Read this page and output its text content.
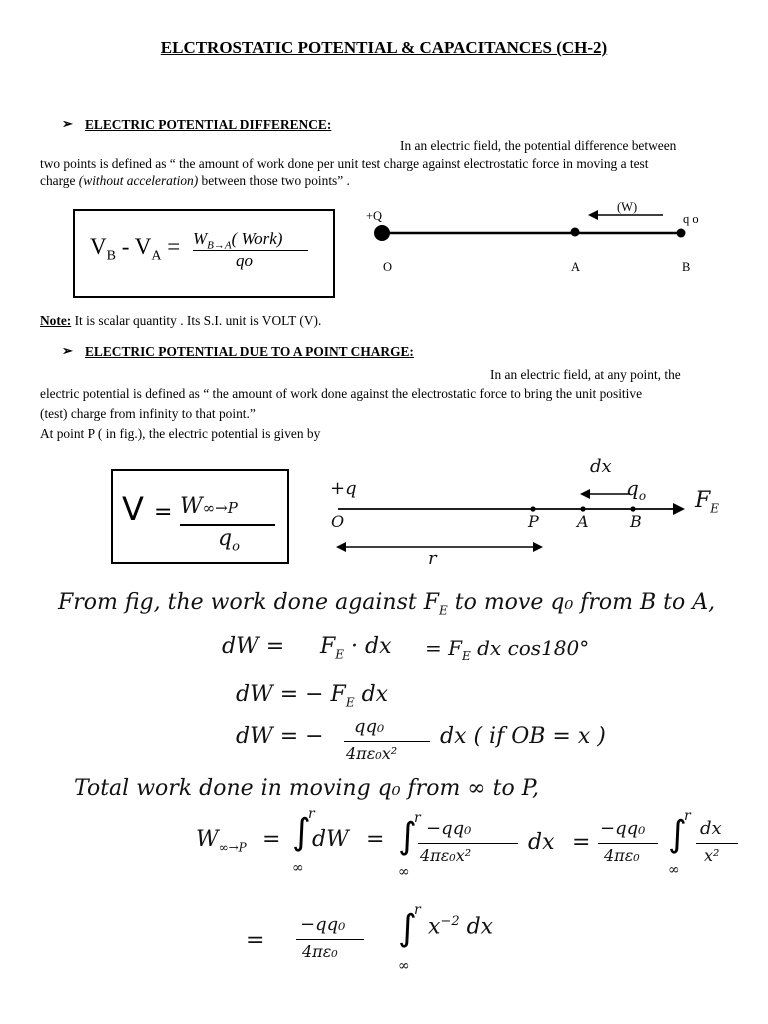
ELCTROSTATIC POTENTIAL & CAPACITANCES (CH-2)
➢ ELECTRIC POTENTIAL DIFFERENCE:
In an electric field, the potential difference between
two points is defined as “ the amount of work done per unit test charge against electrostatic force in moving a test
charge (without acceleration) between those two points” .
$V_B - V_A = W_{B\to A}$( Work)
qo
+Q
(W)
q o
O	A	B
Note: It is scalar quantity . Its S.I. unit is VOLT (V).
➢ ELECTRIC POTENTIAL DUE TO A POINT CHARGE:
In an electric field, at any point, the
electric potential is defined as “ the amount of work done against the electrostatic force to bring the unit positive
(test) charge from infinity to that point.”
At point P ( in fig.), the electric potential is given by
V = W∞→P
$q_o$
+q
dx
$q_o$ $F_E$
O	P A	B
r
From fig, the work done against $F_E$ to move q₀ from B to A,
dW = $F_E$ · dx = $F_E$ dx cos180°
dW = − $F_E$ dx
dW = − qq₀
4πε₀x²
dx ( if OB = x )
Total work done in moving q₀ from ∞ to P,
$W_{\infty\to P}$ =
r
∫
∞
dW =
r
∫
∞
−qq₀
4πε₀x²
dx =
−qq₀
4πε₀
r
∫
∞
dx
x²
=
−qq₀
4πε₀
r
∫
∞
$x^{-2}$ dx
